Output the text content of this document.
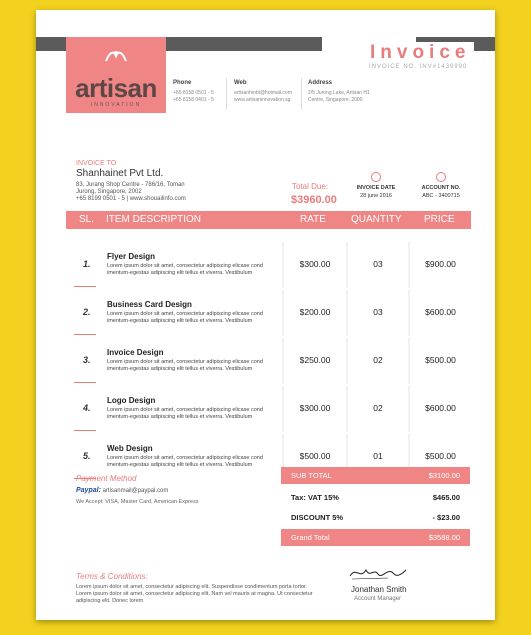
artisan
INNOVATION
Invoice
INVOICE NO. INV#1439990
Phone
+65 8158 0501 - 5
+65 8158 0401 - 5
Web
artisanhmbl@hotmail.com
www.artisaninnovation.sg
Address
2/5 Jurong Lake, Artisan H1
Centre, Singapore, 2000
INVOICE TO
Shanhainet Pvt Ltd.
83, Jurang Shop Centre - 786/16, Toman
Jurong, Singapore, 2002
+65 8199 0501 - 5 | www.shouailinfo.com
Total Due:
$3960.00
INVOICE DATE
28 june 2016
ACCOUNT NO.
ABC - 3400715
SL. ITEM DESCRIPTION	RATE	QUANTITY PRICE
1.
Flyer Design
Lorem ipsum dolor sit amet, consectetur adipiscing elicase cond imentum-egestas adipiscing elit tellus et viverra. Vestibulum
$300.00	03	$900.00
2.
Business Card Design
Lorem ipsum dolor sit amet, consectetur adipiscing elicase cond imentum-egestas adipiscing elit tellus et viverra. Vestibulum
$200.00	03	$600.00
3.
Invoice Design
Lorem ipsum dolor sit amet, consectetur adipiscing elicase cond imentum-egestas adipiscing elit tellus et viverra. Vestibulum
$250.00	02	$500.00
4.
Logo Design
Lorem ipsum dolor sit amet, consectetur adipiscing elicase cond imentum-egestas adipiscing elit tellus et viverra. Vestibulum
$300.00	02	$600.00
5.
Web Design
Lorem ipsum dolor sit amet, consectetur adipiscing elicase cond imentum-egestas adipiscing elit tellus et viverra. Vestibulum
$500.00	01	$500.00
Payment Method
Paypal: artisanmail@paypal.com
We Accept: VISA, Master Card, American Express
SUB TOTAL	$3100.00
Tax: VAT 15%	$465.00
DISCOUNT 5%	- $23.00
Grand Total	$3588.00
Terms & Conditions:
Lorem ipsum dolor sit amet, consectetur adipiscing elit. Suspendisse condimentum porta tortor. Lorem ipsum dolor sit amet, consectetur adipiscing elit. Nam vel mauris at magna. Ut consectetur adipiscing elit. Donec lorem
Jonathan Smith
Account Manager
